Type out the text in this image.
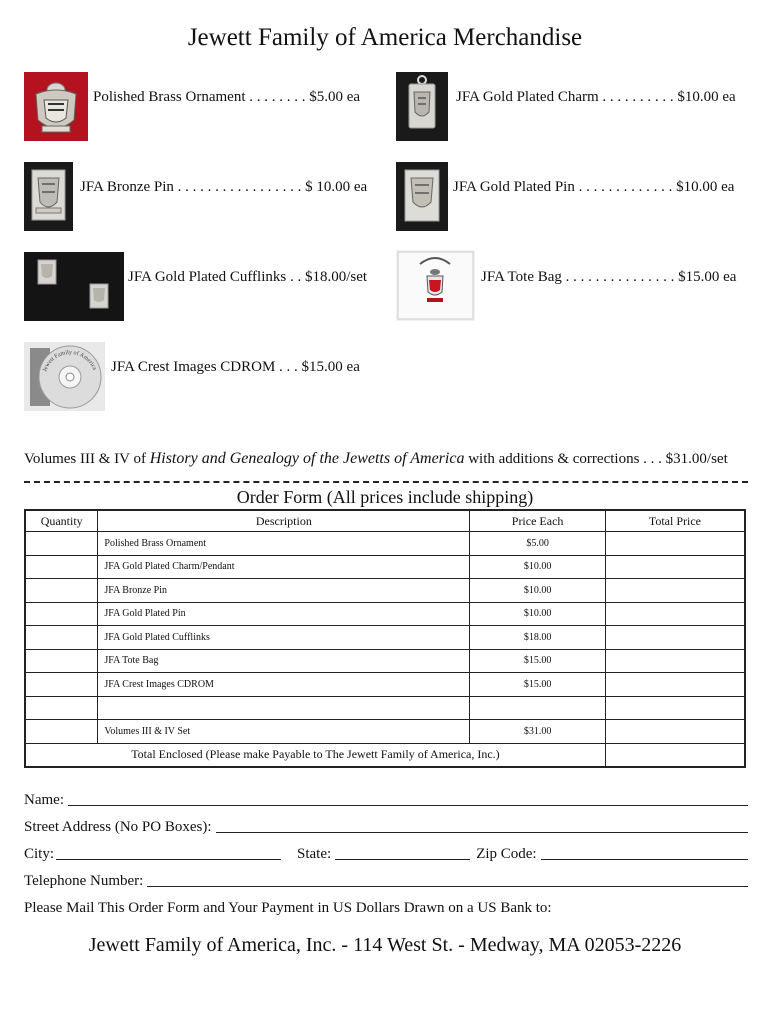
Jewett Family of America Merchandise
Polished Brass Ornament . . . . . . . . $5.00 ea	JFA Gold Plated Charm . . . . . . . . . . $10.00 ea
JFA Bronze Pin . . . . . . . . . . . . . . . . . $ 10.00 ea	JFA Gold Plated Pin . . . . . . . . . . . . . $10.00 ea
JFA Gold Plated Cufflinks . . $18.00/set	JFA Tote Bag . . . . . . . . . . . . . . . $15.00 ea
Jewett Family of America JFA Crest Images CDROM . . . $15.00 ea
Volumes III & IV of History and Genealogy of the Jewetts of America with additions & corrections . . . $31.00/set
Order Form (All prices include shipping)
Quantity	Description	Price Each	Total Price
	Polished Brass Ornament	$5.00	
	JFA Gold Plated Charm/Pendant	$10.00	
	JFA Bronze Pin	$10.00	
	JFA Gold Plated Pin	$10.00	
	JFA Gold Plated Cufflinks	$18.00	
	JFA Tote Bag	$15.00	
	JFA Crest Images CDROM	$15.00	

	Volumes III & IV Set	$31.00	
Total Enclosed (Please make Payable to The Jewett Family of America, Inc.)			
Name:
Street Address (No PO Boxes):
City:	State:	Zip Code:
Telephone Number:
Please Mail This Order Form and Your Payment in US Dollars Drawn on a US Bank to:
Jewett Family of America, Inc. - 114 West St. - Medway, MA 02053-2226
